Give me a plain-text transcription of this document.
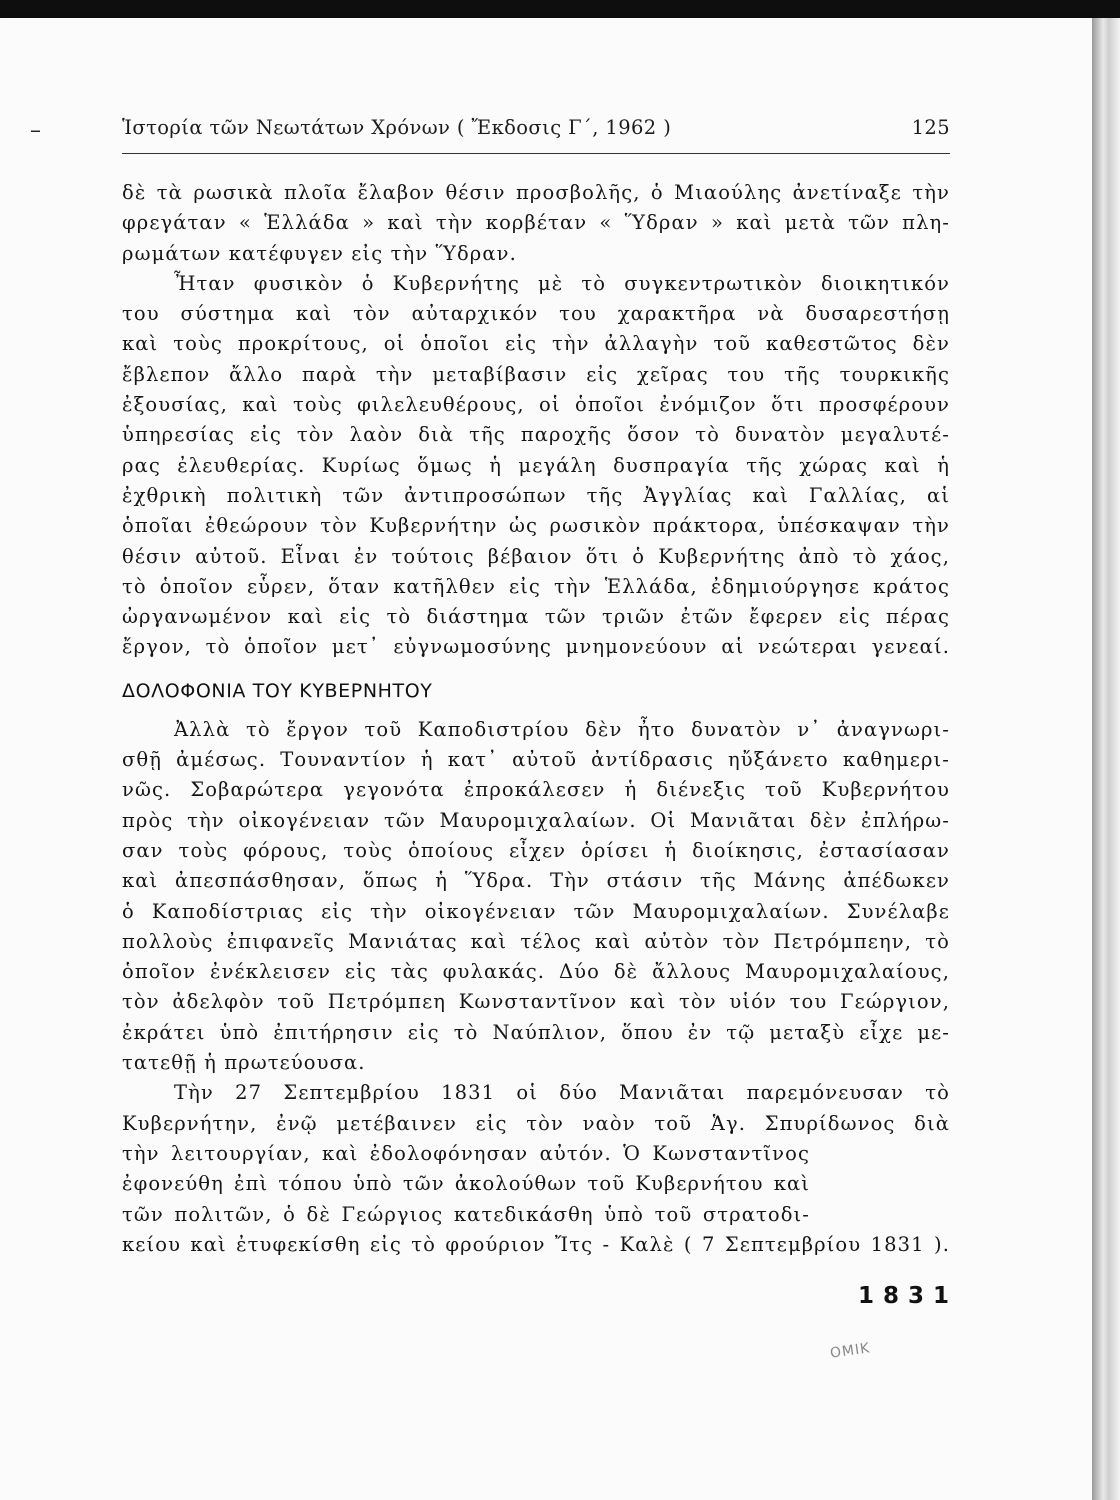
–	Ἱστορία τῶν Νεωτάτων Χρόνων ( Ἔκδοσις Γ΄, 1962 )	125

δὲ τὰ ρωσικὰ πλοῖα ἔλαβον θέσιν προσβολῆς, ὁ Μιαούλης ἀνετίναξε τὴν
φρεγάταν « Ἑλλάδα » καὶ τὴν κορβέταν « Ὕδραν » καὶ μετὰ τῶν πλη-
ρωμάτων κατέφυγεν εἰς τὴν Ὕδραν.

Ἦταν φυσικὸν ὁ Κυβερνήτης μὲ τὸ συγκεντρωτικὸν διοικητικόν
του σύστημα καὶ τὸν αὐταρχικόν του χαρακτῆρα νὰ δυσαρεστήσῃ
καὶ τοὺς προκρίτους, οἱ ὁποῖοι εἰς τὴν ἀλλαγὴν τοῦ καθεστῶτος δὲν
ἔβλεπον ἄλλο παρὰ τὴν μεταβίβασιν εἰς χεῖρας του τῆς τουρκικῆς
ἐξουσίας, καὶ τοὺς φιλελευθέρους, οἱ ὁποῖοι ἐνόμιζον ὅτι προσφέρουν
ὑπηρεσίας εἰς τὸν λαὸν διὰ τῆς παροχῆς ὅσον τὸ δυνατὸν μεγαλυτέ-
ρας ἐλευθερίας. Κυρίως ὅμως ἡ μεγάλη δυσπραγία τῆς χώρας καὶ ἡ
ἐχθρικὴ πολιτικὴ τῶν ἀντιπροσώπων τῆς Ἀγγλίας καὶ Γαλλίας, αἱ
ὁποῖαι ἐθεώρουν τὸν Κυβερνήτην ὡς ρωσικὸν πράκτορα, ὑπέσκαψαν τὴν
θέσιν αὐτοῦ. Εἶναι ἐν τούτοις βέβαιον ὅτι ὁ Κυβερνήτης ἀπὸ τὸ χάος,
τὸ ὁποῖον εὗρεν, ὅταν κατῆλθεν εἰς τὴν Ἑλλάδα, ἐδημιούργησε κράτος
ὠργανωμένον καὶ εἰς τὸ διάστημα τῶν τριῶν ἐτῶν ἔφερεν εἰς πέρας
ἔργον, τὸ ὁποῖον μετ᾽ εὐγνωμοσύνης μνημονεύουν αἱ νεώτεραι γενεαί.

ΔΟΛΟΦΟΝΙΑ ΤΟΥ ΚΥΒΕΡΝΗΤΟΥ

Ἀλλὰ τὸ ἔργον τοῦ Καποδιστρίου δὲν ἦτο δυνατὸν ν᾽ ἀναγνωρι-
σθῇ ἀμέσως. Τουναντίον ἡ κατ᾽ αὐτοῦ ἀντίδρασις ηὔξάνετο καθημερι-
νῶς. Σοβαρώτερα γεγονότα ἐπροκάλεσεν ἡ διένεξις τοῦ Κυβερνήτου
πρὸς τὴν οἰκογένειαν τῶν Μαυρομιχαλαίων. Οἱ Μανιᾶται δὲν ἐπλήρω-
σαν τοὺς φόρους, τοὺς ὁποίους εἶχεν ὁρίσει ἡ διοίκησις, ἐστασίασαν
καὶ ἀπεσπάσθησαν, ὅπως ἡ Ὕδρα. Τὴν στάσιν τῆς Μάνης ἀπέδωκεν
ὁ Καποδίστριας εἰς τὴν οἰκογένειαν τῶν Μαυρομιχαλαίων. Συνέλαβε
πολλοὺς ἐπιφανεῖς Μανιάτας καὶ τέλος καὶ αὐτὸν τὸν Πετρόμπεην, τὸ
ὁποῖον ἐνέκλεισεν εἰς τὰς φυλακάς. Δύο δὲ ἄλλους Μαυρομιχαλαίους,
τὸν ἀδελφὸν τοῦ Πετρόμπεη Κωνσταντῖνον καὶ τὸν υἱόν του Γεώργιον,
ἐκράτει ὑπὸ ἐπιτήρησιν εἰς τὸ Ναύπλιον, ὅπου ἐν τῷ μεταξὺ εἶχε με-
τατεθῇ ἡ πρωτεύουσα.

Τὴν 27 Σεπτεμβρίου 1831 οἱ δύο Μανιᾶται παρεμόνευσαν τὸ
Κυβερνήτην, ἐνῷ μετέβαινεν εἰς τὸν ναὸν τοῦ Ἁγ. Σπυρίδωνος διὰ
τὴν λειτουργίαν, καὶ ἐδολοφόνησαν αὐτόν. Ὁ Κωνσταντῖνος
ἐφονεύθη ἐπὶ τόπου ὑπὸ τῶν ἀκολούθων τοῦ Κυβερνήτου καὶ
τῶν πολιτῶν, ὁ δὲ Γεώργιος κατεδικάσθη ὑπὸ τοῦ στρατοδι-
κείου καὶ ἐτυφεκίσθη εἰς τὸ φρούριον Ἴτς - Καλὲ ( 7 Σεπτεμβρίου 1831 ).

1831
ΟΜΙΚ
